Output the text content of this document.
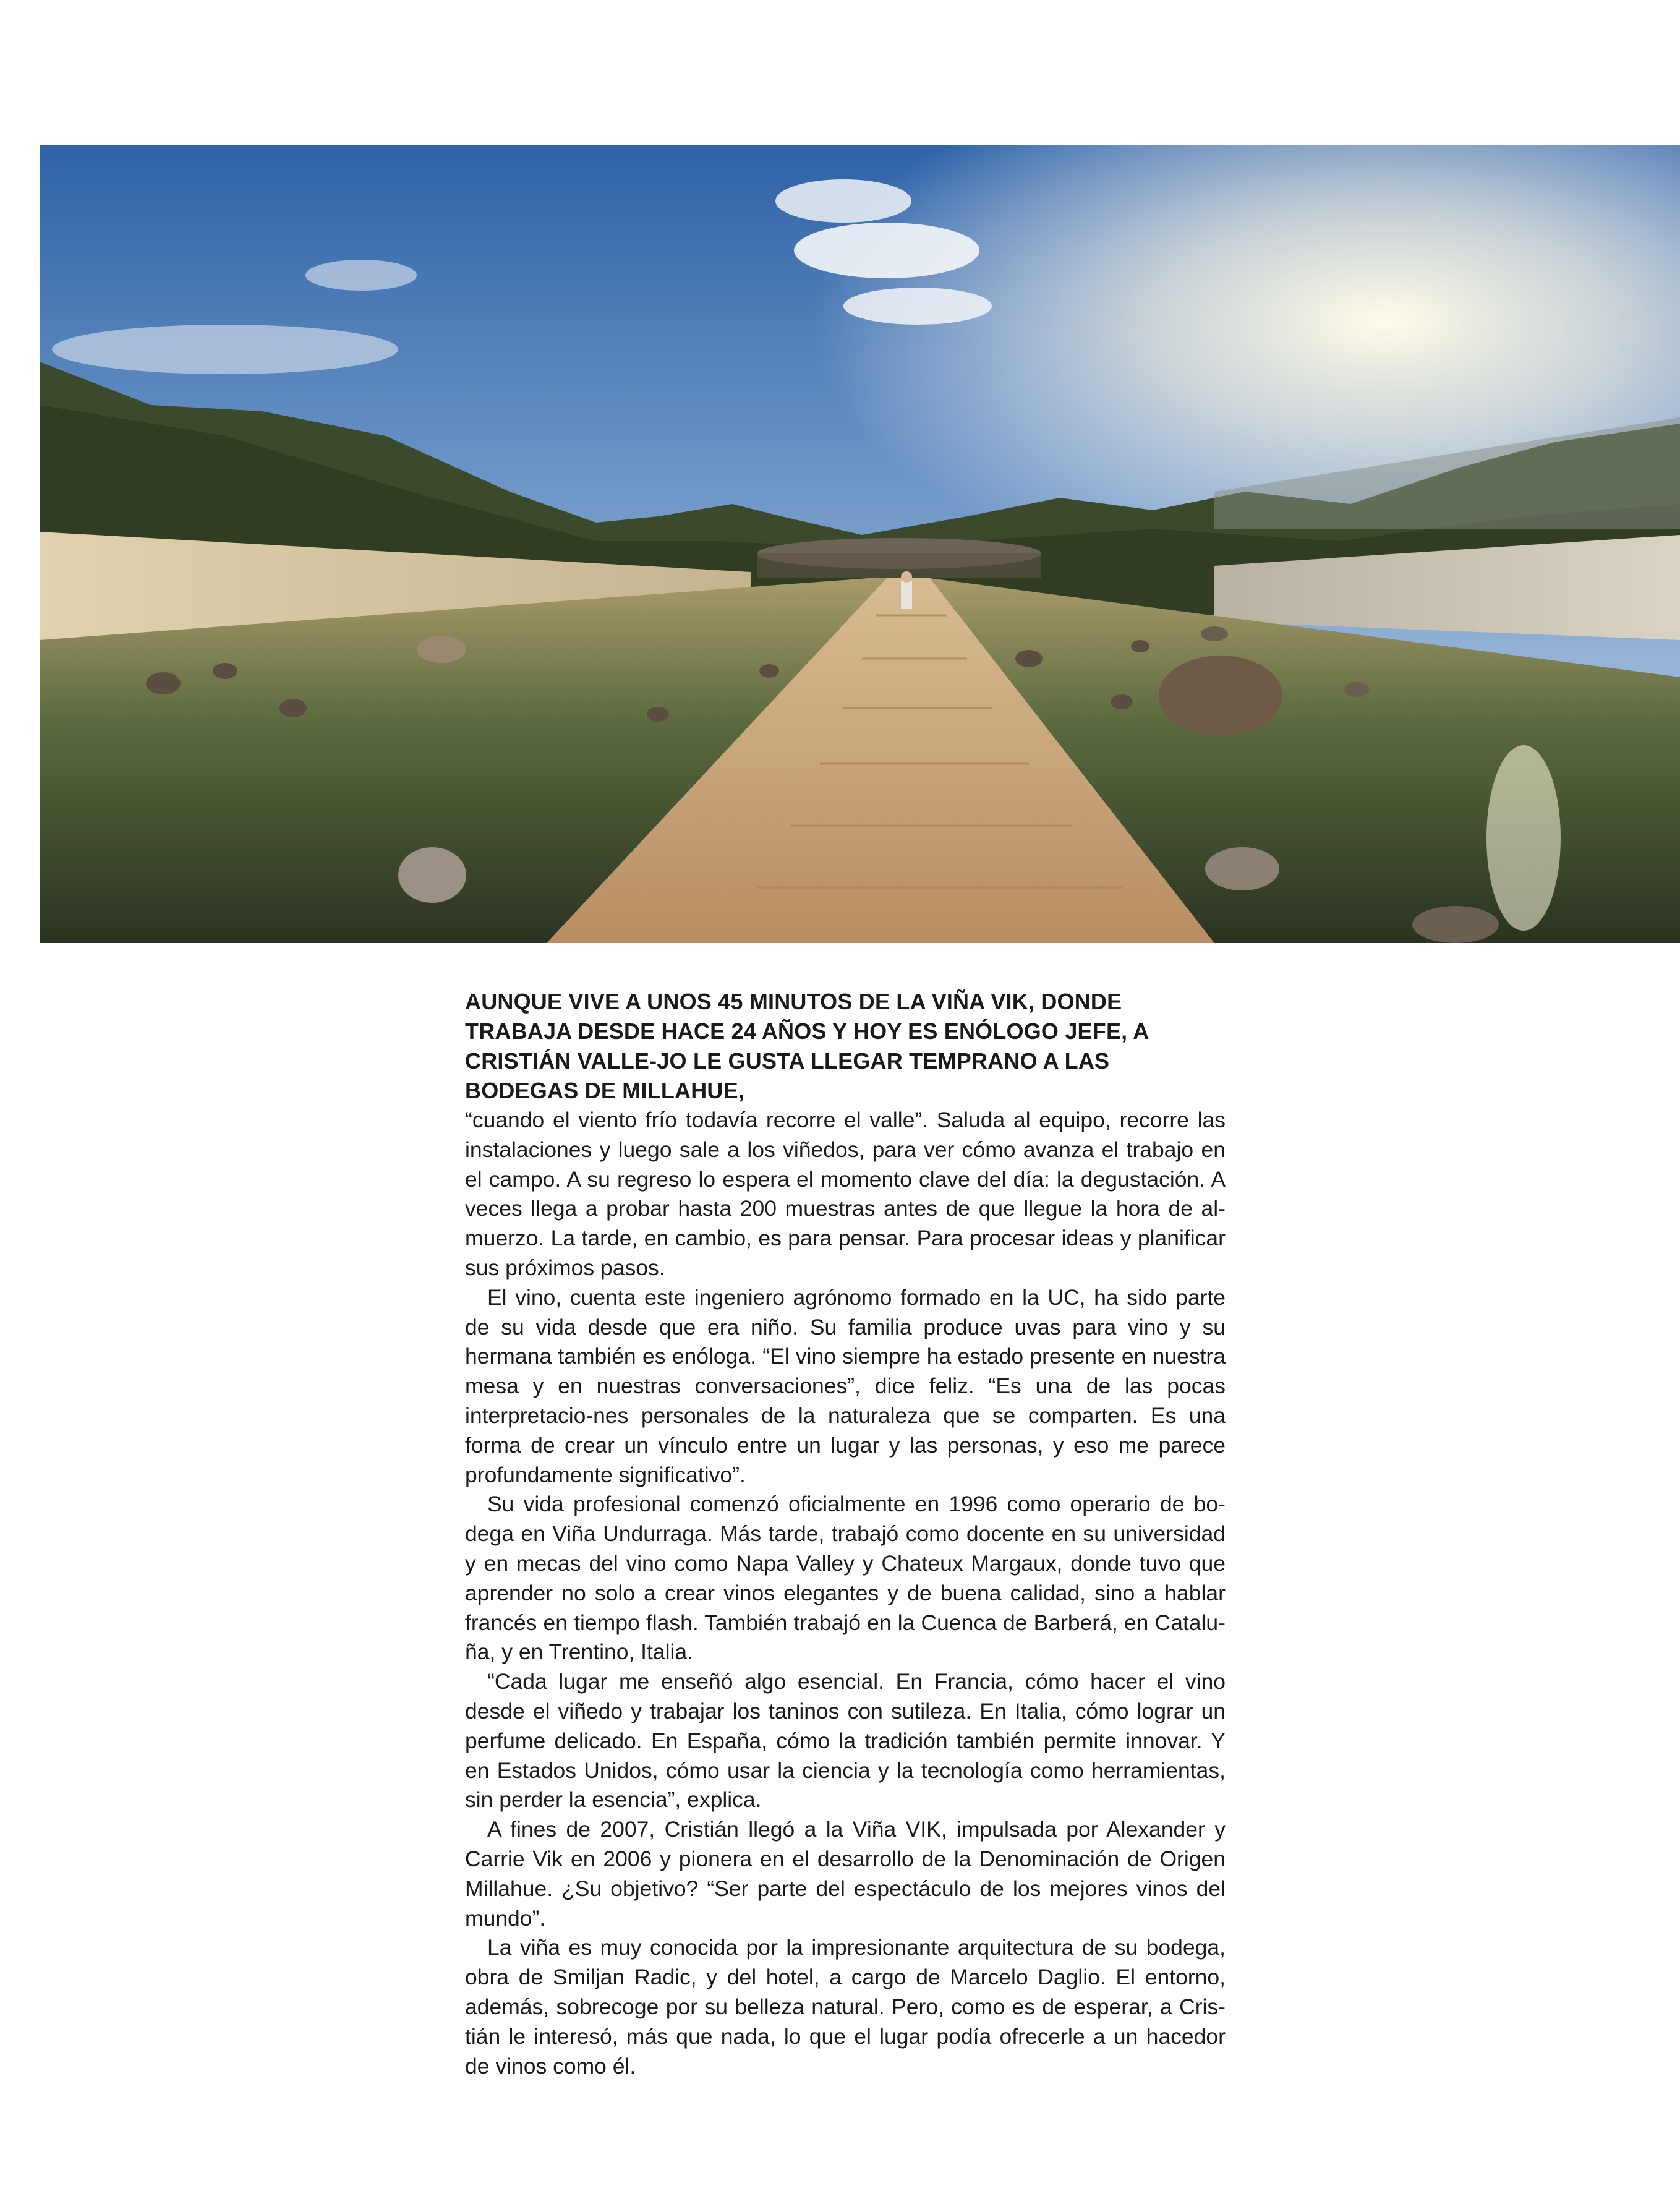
AUNQUE VIVE A UNOS 45 MINUTOS DE LA VIÑA VIK, DONDE TRABAJA DESDE HACE 24 AÑOS Y HOY ES ENÓLOGO JEFE, A CRISTIÁN VALLE-JO LE GUSTA LLEGAR TEMPRANO A LAS BODEGAS DE MILLAHUE,

“cuando el viento frío todavía recorre el valle”. Saluda al equipo, recorre las instalaciones y luego sale a los viñedos, para ver cómo avanza el trabajo en el campo. A su regreso lo espera el momento clave del día: la degustación. A veces llega a probar hasta 200 muestras antes de que llegue la hora de al-muerzo. La tarde, en cambio, es para pensar. Para procesar ideas y planificar sus próximos pasos.

El vino, cuenta este ingeniero agrónomo formado en la UC, ha sido parte de su vida desde que era niño. Su familia produce uvas para vino y su hermana también es enóloga. “El vino siempre ha estado presente en nuestra mesa y en nuestras conversaciones”, dice feliz. “Es una de las pocas interpretacio-nes personales de la naturaleza que se comparten. Es una forma de crear un vínculo entre un lugar y las personas, y eso me parece profundamente significativo”.

Su vida profesional comenzó oficialmente en 1996 como operario de bo-dega en Viña Undurraga. Más tarde, trabajó como docente en su universidad y en mecas del vino como Napa Valley y Chateux Margaux, donde tuvo que aprender no solo a crear vinos elegantes y de buena calidad, sino a hablar francés en tiempo flash. También trabajó en la Cuenca de Barberá, en Catalu-ña, y en Trentino, Italia.

“Cada lugar me enseñó algo esencial. En Francia, cómo hacer el vino desde el viñedo y trabajar los taninos con sutileza. En Italia, cómo lograr un perfume delicado. En España, cómo la tradición también permite innovar. Y en Estados Unidos, cómo usar la ciencia y la tecnología como herramientas, sin perder la esencia”, explica.

A fines de 2007, Cristián llegó a la Viña VIK, impulsada por Alexander y Carrie Vik en 2006 y pionera en el desarrollo de la Denominación de Origen Millahue. ¿Su objetivo? “Ser parte del espectáculo de los mejores vinos del mundo”.

La viña es muy conocida por la impresionante arquitectura de su bodega, obra de Smiljan Radic, y del hotel, a cargo de Marcelo Daglio. El entorno, además, sobrecoge por su belleza natural. Pero, como es de esperar, a Cris-tián le interesó, más que nada, lo que el lugar podía ofrecerle a un hacedor de vinos como él.
